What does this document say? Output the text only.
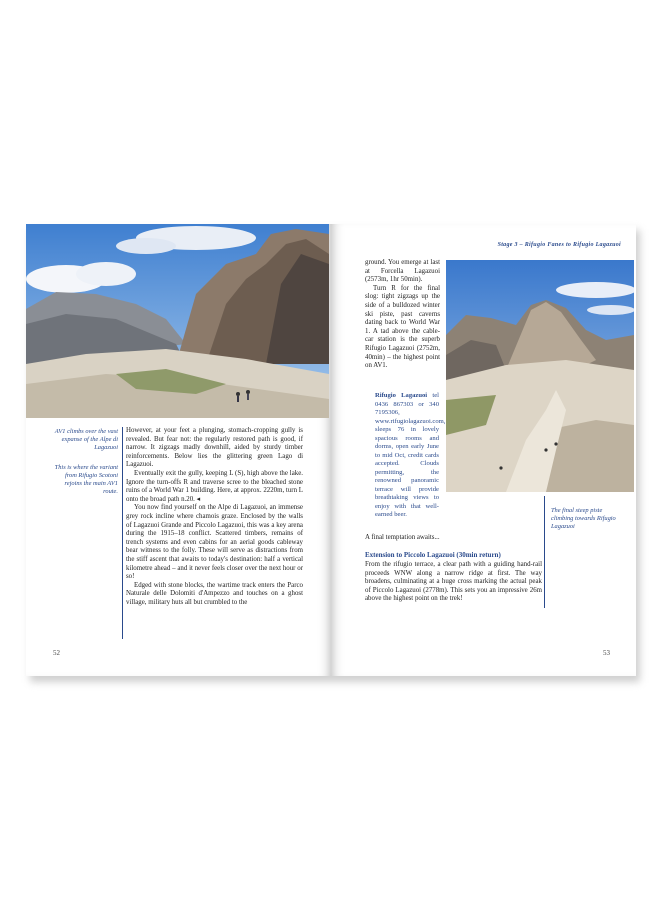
AV1 climbs over the vast expanse of the Alpe di Lagazuoi
This is where the variant from Rifugio Scotoni rejoins the main AV1 route.

However, at your feet a plunging, stomach-cropping gully is revealed. But fear not: the regularly restored path is good, if narrow. It zigzags madly downhill, aided by sturdy timber reinforcements. Below lies the glittering green Lago di Lagazuoi.

Eventually exit the gully, keeping L (S), high above the lake. Ignore the turn-offs R and traverse scree to the bleached stone ruins of a World War 1 building. Here, at approx. 2220m, turn L onto the broad path n.20. ◂

You now find yourself on the Alpe di Lagazuoi, an immense grey rock incline where chamois graze. Enclosed by the walls of Lagazuoi Grande and Piccolo Lagazuoi, this was a key arena during the 1915–18 conflict. Scattered timbers, remains of trench systems and even cabins for an aerial goods cableway bear witness to the folly. These will serve as distractions from the stiff ascent that awaits to today's destination: half a vertical kilometre ahead – and it never feels closer over the next hour or so!

Edged with stone blocks, the wartime track enters the Parco Naturale delle Dolomiti d'Ampezzo and touches on a ghost village, military huts all but crumbled to the

52
Stage 3 – Rifugio Fanes to Rifugio Lagazuoi

ground. You emerge at last at Forcella Lagazuoi (2573m, 1hr 50min).

Turn R for the final slog: tight zigzags up the side of a bulldozed winter ski piste, past caverns dating back to World War 1. A tad above the cable-car station is the superb Rifugio Lagazuoi (2752m, 40min) – the highest point on AV1.

Rifugio Lagazuoi tel 0436 867303 or 340 7195306, www.rifugiolagazuoi.com, sleeps 76 in lovely spacious rooms and dorms, open early June to mid Oct, credit cards accepted. Clouds permitting, the renowned panoramic terrace will provide breathtaking views to enjoy with that well-earned beer.
The final steep piste climbing towards Rifugio Lagazuoi
A final temptation awaits...
Extension to Piccolo Lagazuoi (30min return)
From the rifugio terrace, a clear path with a guiding hand-rail proceeds WNW along a narrow ridge at first. The way broadens, culminating at a huge cross marking the actual peak of Piccolo Lagazuoi (2778m). This sets you an impressive 26m above the highest point on the trek!
53
